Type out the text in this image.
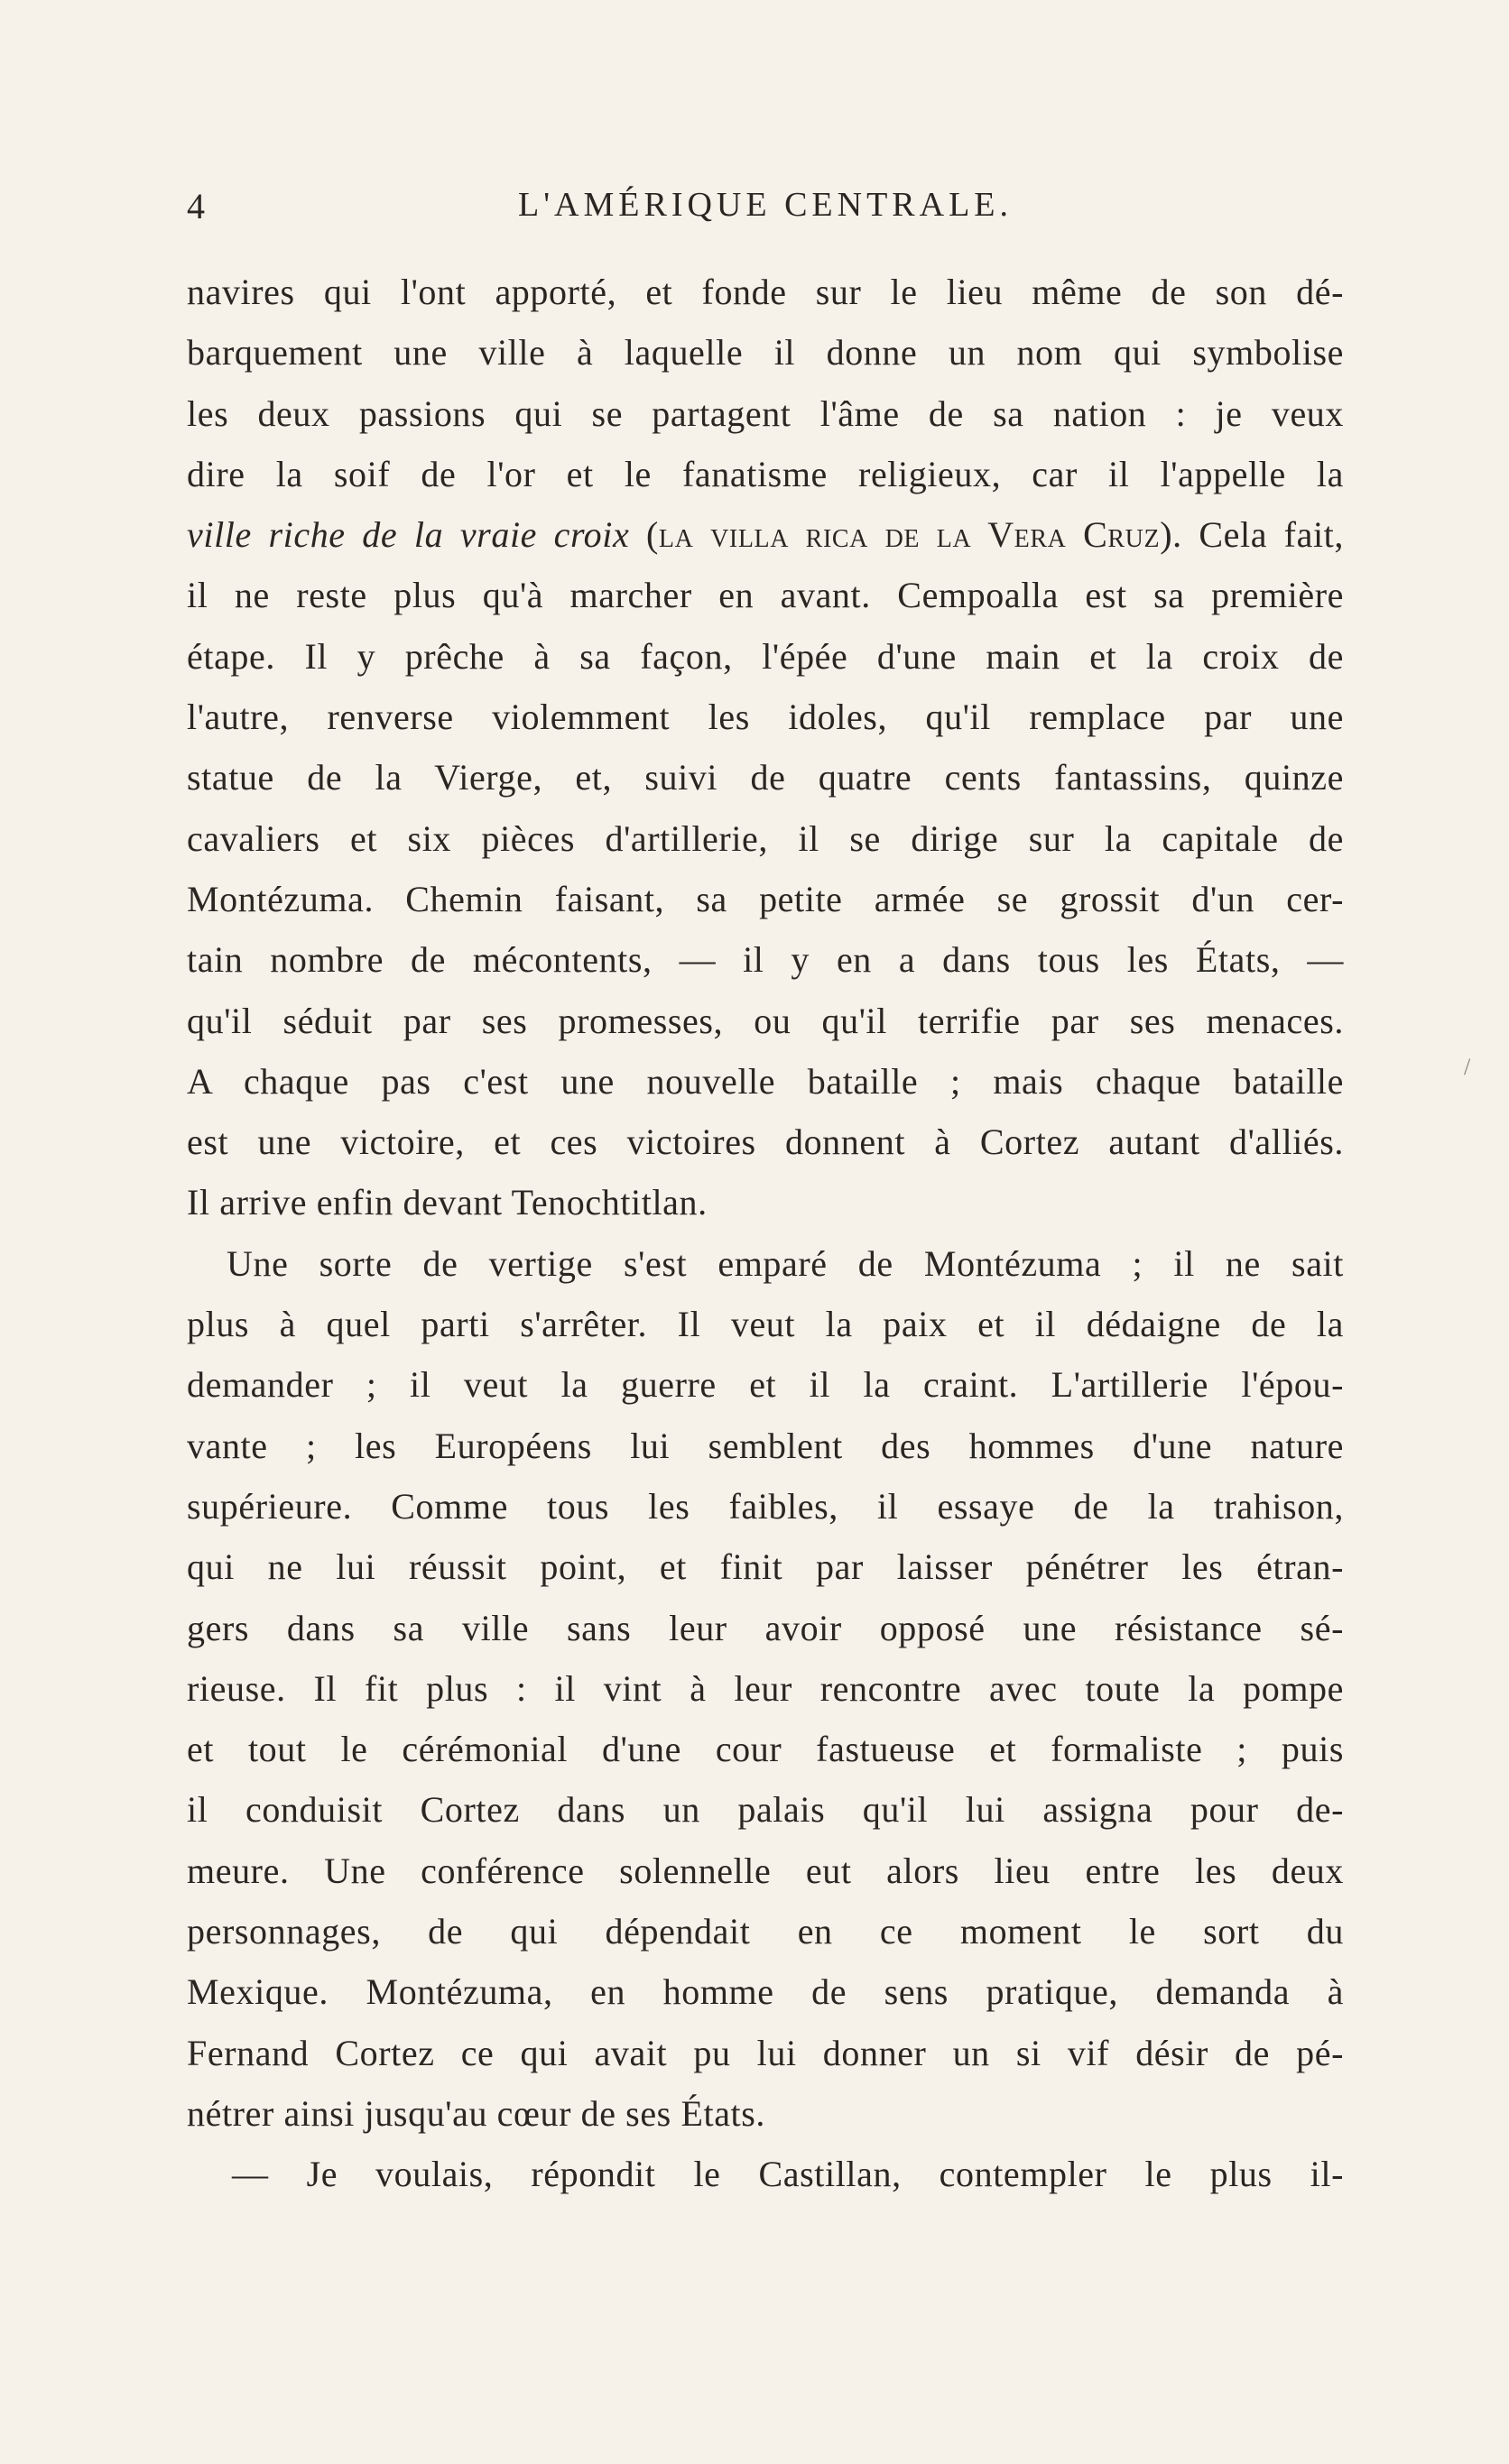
4	L'AMÉRIQUE CENTRALE.
navires qui l'ont apporté, et fonde sur le lieu même de son dé-
barquement une ville à laquelle il donne un nom qui symbolise
les deux passions qui se partagent l'âme de sa nation : je veux
dire la soif de l'or et le fanatisme religieux, car il l'appelle la
ville riche de la vraie croix (la villa rica de la Vera Cruz). Cela fait,
il ne reste plus qu'à marcher en avant. Cempoalla est sa première
étape. Il y prêche à sa façon, l'épée d'une main et la croix de
l'autre, renverse violemment les idoles, qu'il remplace par une
statue de la Vierge, et, suivi de quatre cents fantassins, quinze
cavaliers et six pièces d'artillerie, il se dirige sur la capitale de
Montézuma. Chemin faisant, sa petite armée se grossit d'un cer-
tain nombre de mécontents, — il y en a dans tous les États, —
qu'il séduit par ses promesses, ou qu'il terrifie par ses menaces.
A chaque pas c'est une nouvelle bataille ; mais chaque bataille
est une victoire, et ces victoires donnent à Cortez autant d'alliés.
Il arrive enfin devant Tenochtitlan.
Une sorte de vertige s'est emparé de Montézuma ; il ne sait
plus à quel parti s'arrêter. Il veut la paix et il dédaigne de la
demander ; il veut la guerre et il la craint. L'artillerie l'épou-
vante ; les Européens lui semblent des hommes d'une nature
supérieure. Comme tous les faibles, il essaye de la trahison,
qui ne lui réussit point, et finit par laisser pénétrer les étran-
gers dans sa ville sans leur avoir opposé une résistance sé-
rieuse. Il fit plus : il vint à leur rencontre avec toute la pompe
et tout le cérémonial d'une cour fastueuse et formaliste ; puis
il conduisit Cortez dans un palais qu'il lui assigna pour de-
meure. Une conférence solennelle eut alors lieu entre les deux
personnages, de qui dépendait en ce moment le sort du
Mexique. Montézuma, en homme de sens pratique, demanda à
Fernand Cortez ce qui avait pu lui donner un si vif désir de pé-
nétrer ainsi jusqu'au cœur de ses États.
— Je voulais, répondit le Castillan, contempler le plus il-
/
